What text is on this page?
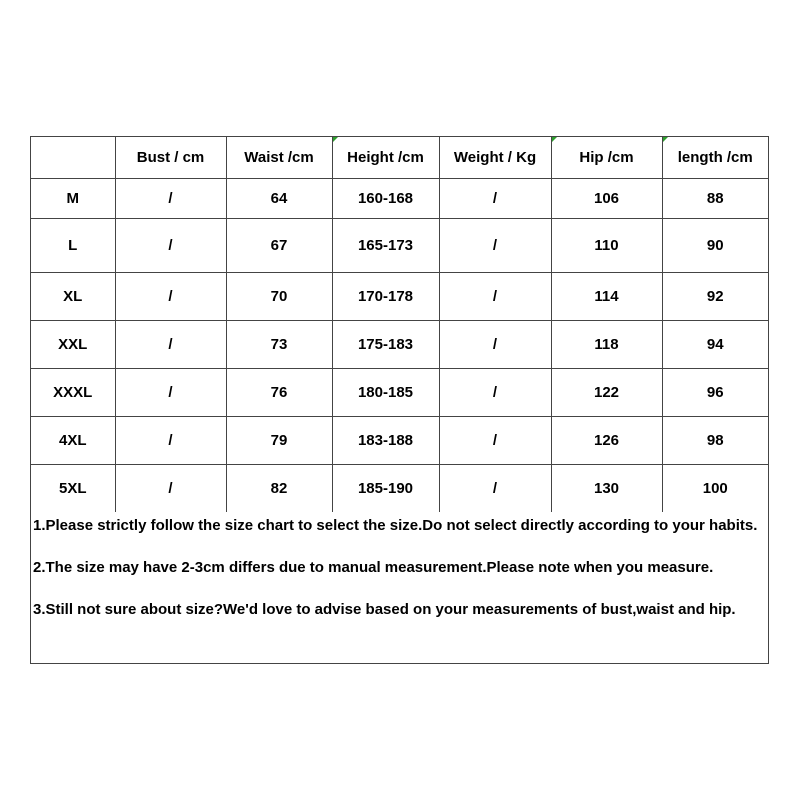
	Bust / cm	Waist /cm	Height /cm	Weight / Kg	Hip /cm	length /cm
M	/	64	160-168	/	106	88
L	/	67	165-173	/	110	90
XL	/	70	170-178	/	114	92
XXL	/	73	175-183	/	118	94
XXXL	/	76	180-185	/	122	96
4XL	/	79	183-188	/	126	98
5XL	/	82	185-190	/	130	100

1.Please strictly follow the size chart to select the size.Do not select directly according to your habits.

2.The size may have 2-3cm differs due to manual measurement.Please note when you measure.

3.Still not sure about size?We'd love to advise based on your measurements of bust,waist and hip.
